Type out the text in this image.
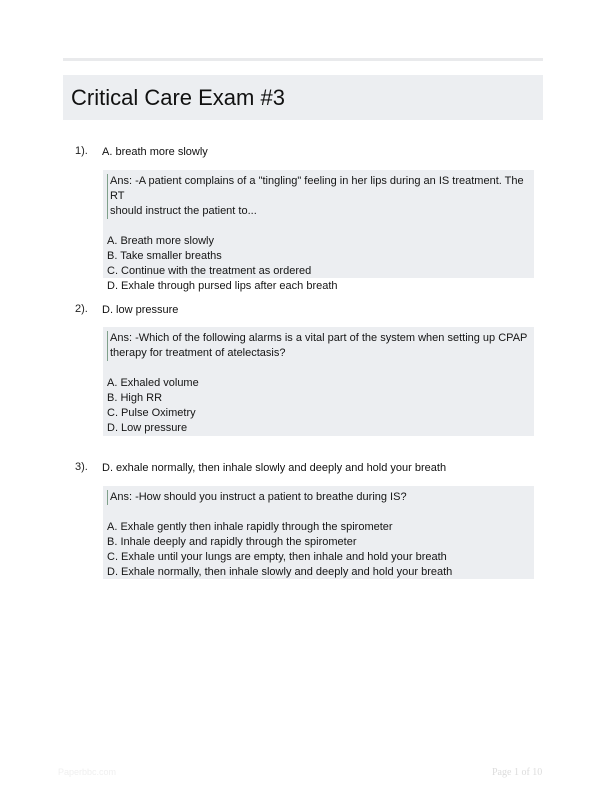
Critical Care Exam #3
1). A. breath more slowly
Ans: -A patient complains of a "tingling" feeling in her lips during an IS treatment. The RT
should instruct the patient to...
A. Breath more slowly
B. Take smaller breaths
C. Continue with the treatment as ordered
D. Exhale through pursed lips after each breath
2). D. low pressure
Ans: -Which of the following alarms is a vital part of the system when setting up CPAP
therapy for treatment of atelectasis?
A. Exhaled volume
B. High RR
C. Pulse Oximetry
D. Low pressure
3). D. exhale normally, then inhale slowly and deeply and hold your breath
Ans: -How should you instruct a patient to breathe during IS?
A. Exhale gently then inhale rapidly through the spirometer
B. Inhale deeply and rapidly through the spirometer
C. Exhale until your lungs are empty, then inhale and hold your breath
D. Exhale normally, then inhale slowly and deeply and hold your breath
Paperbbc.com	Page 1 of 10
